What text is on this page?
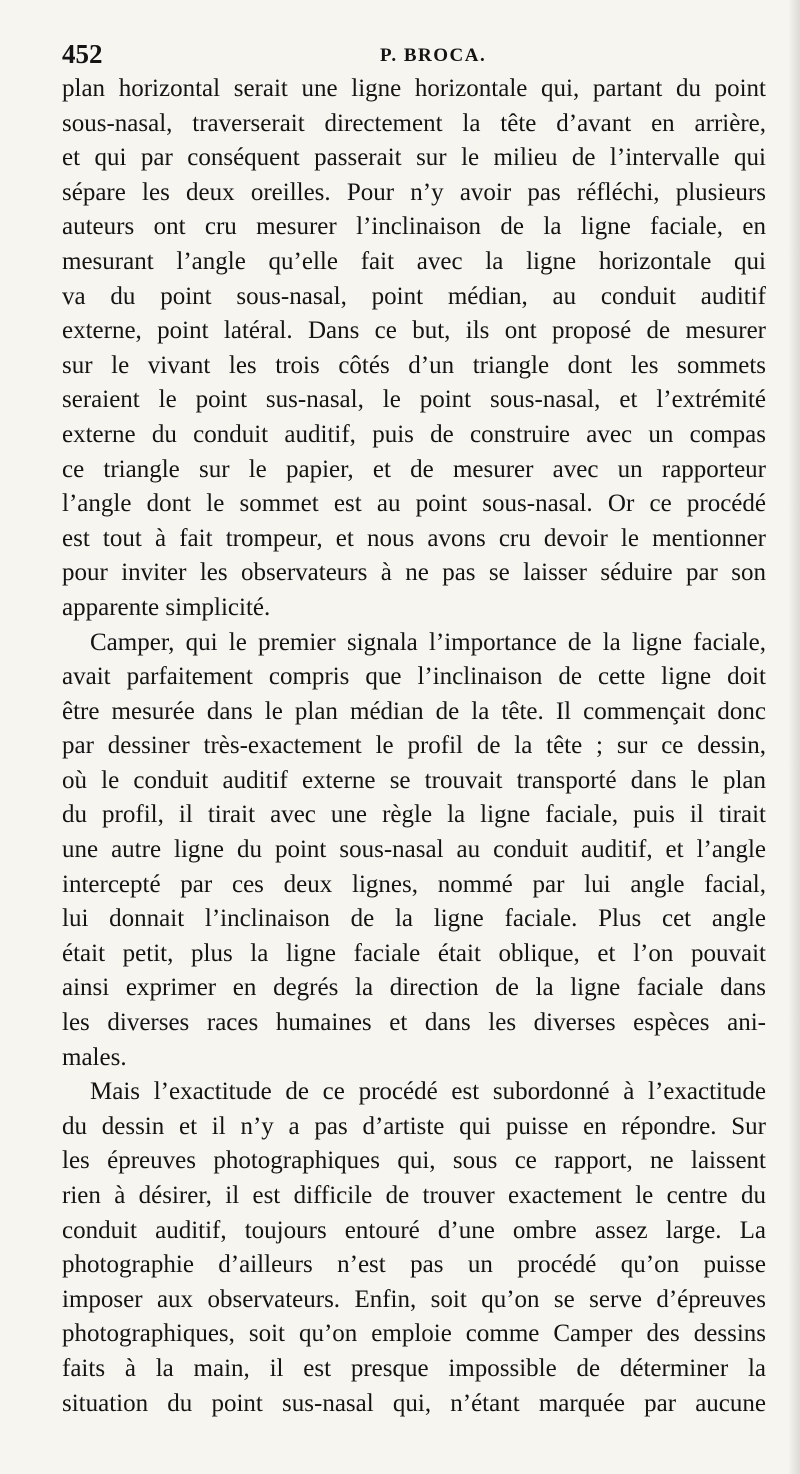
452	P. BROCA.
plan horizontal serait une ligne horizontale qui, partant du point
sous-nasal, traverserait directement la tête d’avant en arrière,
et qui par conséquent passerait sur le milieu de l’intervalle qui
sépare les deux oreilles. Pour n’y avoir pas réfléchi, plusieurs
auteurs ont cru mesurer l’inclinaison de la ligne faciale, en
mesurant l’angle qu’elle fait avec la ligne horizontale qui
va du point sous-nasal, point médian, au conduit auditif
externe, point latéral. Dans ce but, ils ont proposé de mesurer
sur le vivant les trois côtés d’un triangle dont les sommets
seraient le point sus-nasal, le point sous-nasal, et l’extrémité
externe du conduit auditif, puis de construire avec un compas
ce triangle sur le papier, et de mesurer avec un rapporteur
l’angle dont le sommet est au point sous-nasal. Or ce procédé
est tout à fait trompeur, et nous avons cru devoir le mentionner
pour inviter les observateurs à ne pas se laisser séduire par son
apparente simplicité.
Camper, qui le premier signala l’importance de la ligne faciale,
avait parfaitement compris que l’inclinaison de cette ligne doit
être mesurée dans le plan médian de la tête. Il commençait donc
par dessiner très-exactement le profil de la tête ; sur ce dessin,
où le conduit auditif externe se trouvait transporté dans le plan
du profil, il tirait avec une règle la ligne faciale, puis il tirait
une autre ligne du point sous-nasal au conduit auditif, et l’angle
intercepté par ces deux lignes, nommé par lui angle facial,
lui donnait l’inclinaison de la ligne faciale. Plus cet angle
était petit, plus la ligne faciale était oblique, et l’on pouvait
ainsi exprimer en degrés la direction de la ligne faciale dans
les diverses races humaines et dans les diverses espèces ani-
males.
Mais l’exactitude de ce procédé est subordonné à l’exactitude
du dessin et il n’y a pas d’artiste qui puisse en répondre. Sur
les épreuves photographiques qui, sous ce rapport, ne laissent
rien à désirer, il est difficile de trouver exactement le centre du
conduit auditif, toujours entouré d’une ombre assez large. La
photographie d’ailleurs n’est pas un procédé qu’on puisse
imposer aux observateurs. Enfin, soit qu’on se serve d’épreuves
photographiques, soit qu’on emploie comme Camper des dessins
faits à la main, il est presque impossible de déterminer la
situation du point sus-nasal qui, n’étant marquée par aucune
